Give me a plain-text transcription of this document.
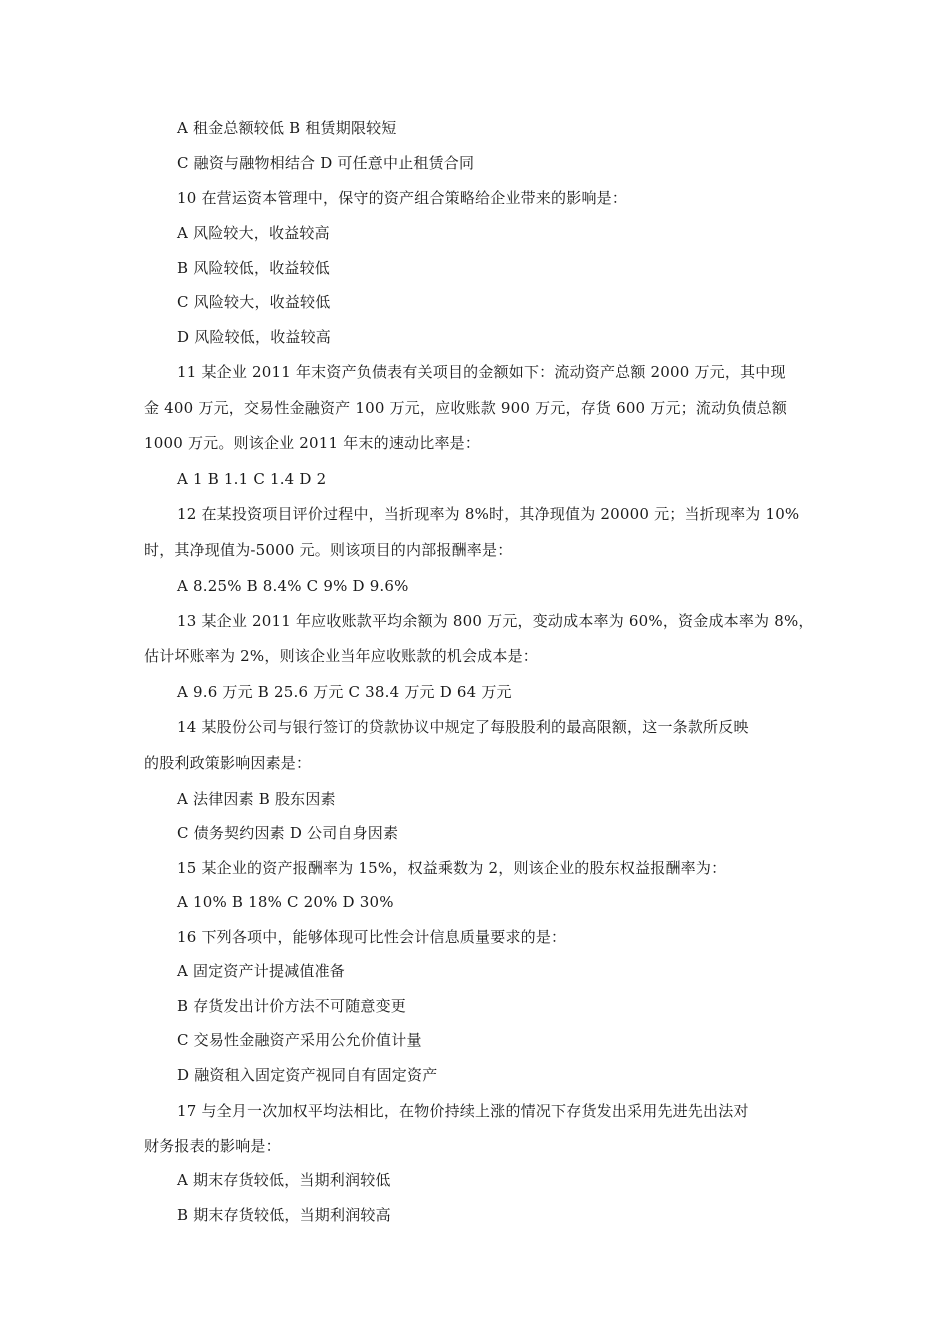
A 租金总额较低 B 租赁期限较短
C 融资与融物相结合 D 可任意中止租赁合同
10 在营运资本管理中，保守的资产组合策略给企业带来的影响是：
A 风险较大，收益较高
B 风险较低，收益较低
C 风险较大，收益较低
D 风险较低，收益较高
11 某企业 2011 年末资产负债表有关项目的金额如下：流动资产总额 2000 万元，其中现
金 400 万元，交易性金融资产 100 万元，应收账款 900 万元，存货 600 万元；流动负债总额
1000 万元。则该企业 2011 年末的速动比率是：
A 1 B 1.1 C 1.4 D 2
12 在某投资项目评价过程中，当折现率为 8%时，其净现值为 20000 元；当折现率为 10%
时，其净现值为-5000 元。则该项目的内部报酬率是：
A 8.25% B 8.4% C 9% D 9.6%
13 某企业 2011 年应收账款平均余额为 800 万元，变动成本率为 60%，资金成本率为 8%，
估计坏账率为 2%，则该企业当年应收账款的机会成本是：
A 9.6 万元 B 25.6 万元 C 38.4 万元 D 64 万元
14 某股份公司与银行签订的贷款协议中规定了每股股利的最高限额，这一条款所反映
的股利政策影响因素是：
A 法律因素 B 股东因素
C 债务契约因素 D 公司自身因素
15 某企业的资产报酬率为 15%，权益乘数为 2，则该企业的股东权益报酬率为：
A 10% B 18% C 20% D 30%
16 下列各项中，能够体现可比性会计信息质量要求的是：
A 固定资产计提减值准备
B 存货发出计价方法不可随意变更
C 交易性金融资产采用公允价值计量
D 融资租入固定资产视同自有固定资产
17 与全月一次加权平均法相比，在物价持续上涨的情况下存货发出采用先进先出法对
财务报表的影响是：
A 期末存货较低，当期利润较低
B 期末存货较低，当期利润较高
